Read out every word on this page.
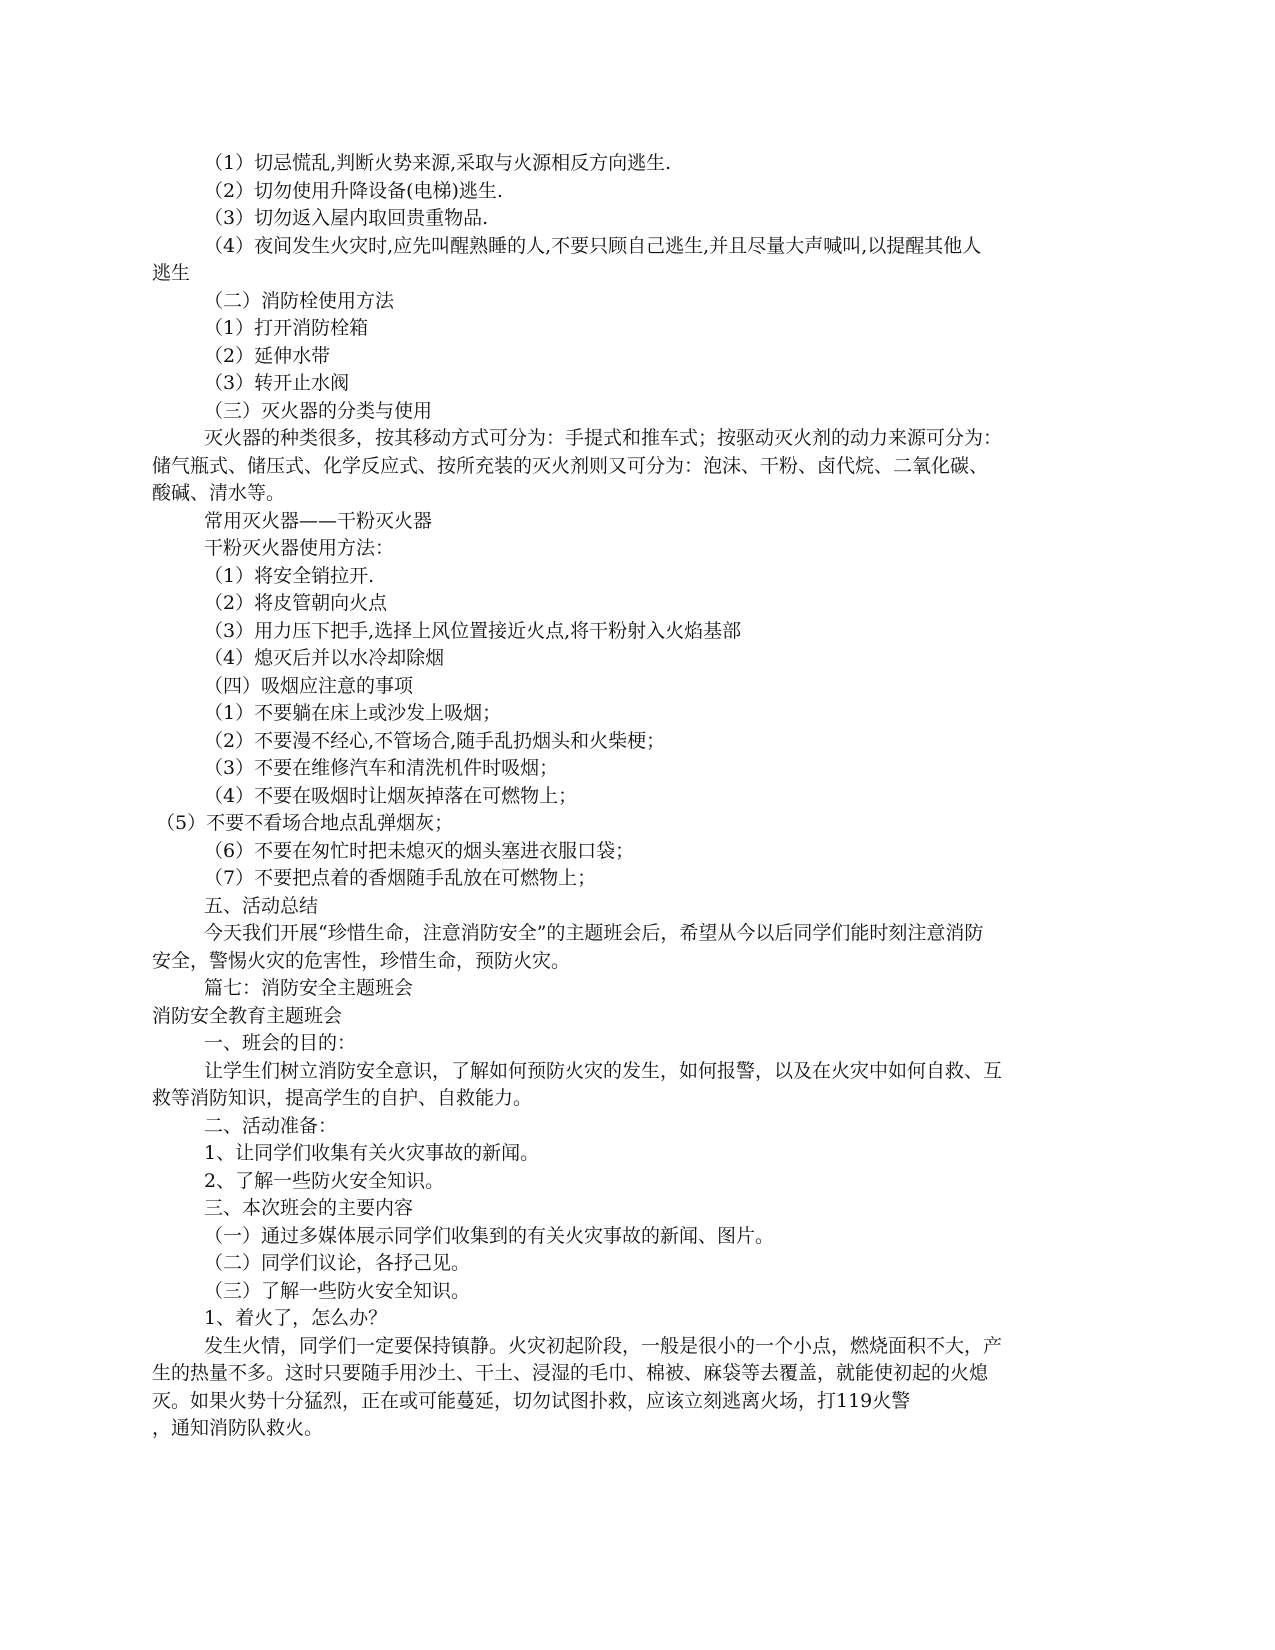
（1）切忌慌乱,判断火势来源,采取与火源相反方向逃生.
（2）切勿使用升降设备(电梯)逃生.
（3）切勿返入屋内取回贵重物品.
（4）夜间发生火灾时,应先叫醒熟睡的人,不要只顾自己逃生,并且尽量大声喊叫,以提醒其他人
逃生
（二）消防栓使用方法
（1）打开消防栓箱
（2）延伸水带
（3）转开止水阀
（三）灭火器的分类与使用
灭火器的种类很多，按其移动方式可分为：手提式和推车式；按驱动灭火剂的动力来源可分为：
储气瓶式、储压式、化学反应式、按所充装的灭火剂则又可分为：泡沫、干粉、卤代烷、二氧化碳、
酸碱、清水等。
常用灭火器——干粉灭火器
干粉灭火器使用方法：
（1）将安全销拉开.
（2）将皮管朝向火点
（3）用力压下把手,选择上风位置接近火点,将干粉射入火焰基部
（4）熄灭后并以水冷却除烟
（四）吸烟应注意的事项
（1）不要躺在床上或沙发上吸烟；
（2）不要漫不经心,不管场合,随手乱扔烟头和火柴梗；
（3）不要在维修汽车和清洗机件时吸烟；
（4）不要在吸烟时让烟灰掉落在可燃物上；
（5）不要不看场合地点乱弹烟灰；
（6）不要在匆忙时把未熄灭的烟头塞进衣服口袋；
（7）不要把点着的香烟随手乱放在可燃物上；
五、活动总结
今天我们开展“珍惜生命，注意消防安全”的主题班会后，希望从今以后同学们能时刻注意消防
安全，警惕火灾的危害性，珍惜生命，预防火灾。
篇七：消防安全主题班会
消防安全教育主题班会
一、班会的目的：
让学生们树立消防安全意识，了解如何预防火灾的发生，如何报警，以及在火灾中如何自救、互
救等消防知识，提高学生的自护、自救能力。
二、活动准备：
1、让同学们收集有关火灾事故的新闻。
2、了解一些防火安全知识。
三、本次班会的主要内容
（一）通过多媒体展示同学们收集到的有关火灾事故的新闻、图片。
（二）同学们议论，各抒己见。
（三）了解一些防火安全知识。
1、着火了，怎么办？
发生火情，同学们一定要保持镇静。火灾初起阶段，一般是很小的一个小点，燃烧面积不大，产
生的热量不多。这时只要随手用沙土、干土、浸湿的毛巾、棉被、麻袋等去覆盖，就能使初起的火熄
灭。如果火势十分猛烈，正在或可能蔓延，切勿试图扑救，应该立刻逃离火场，打119火警
，通知消防队救火。
